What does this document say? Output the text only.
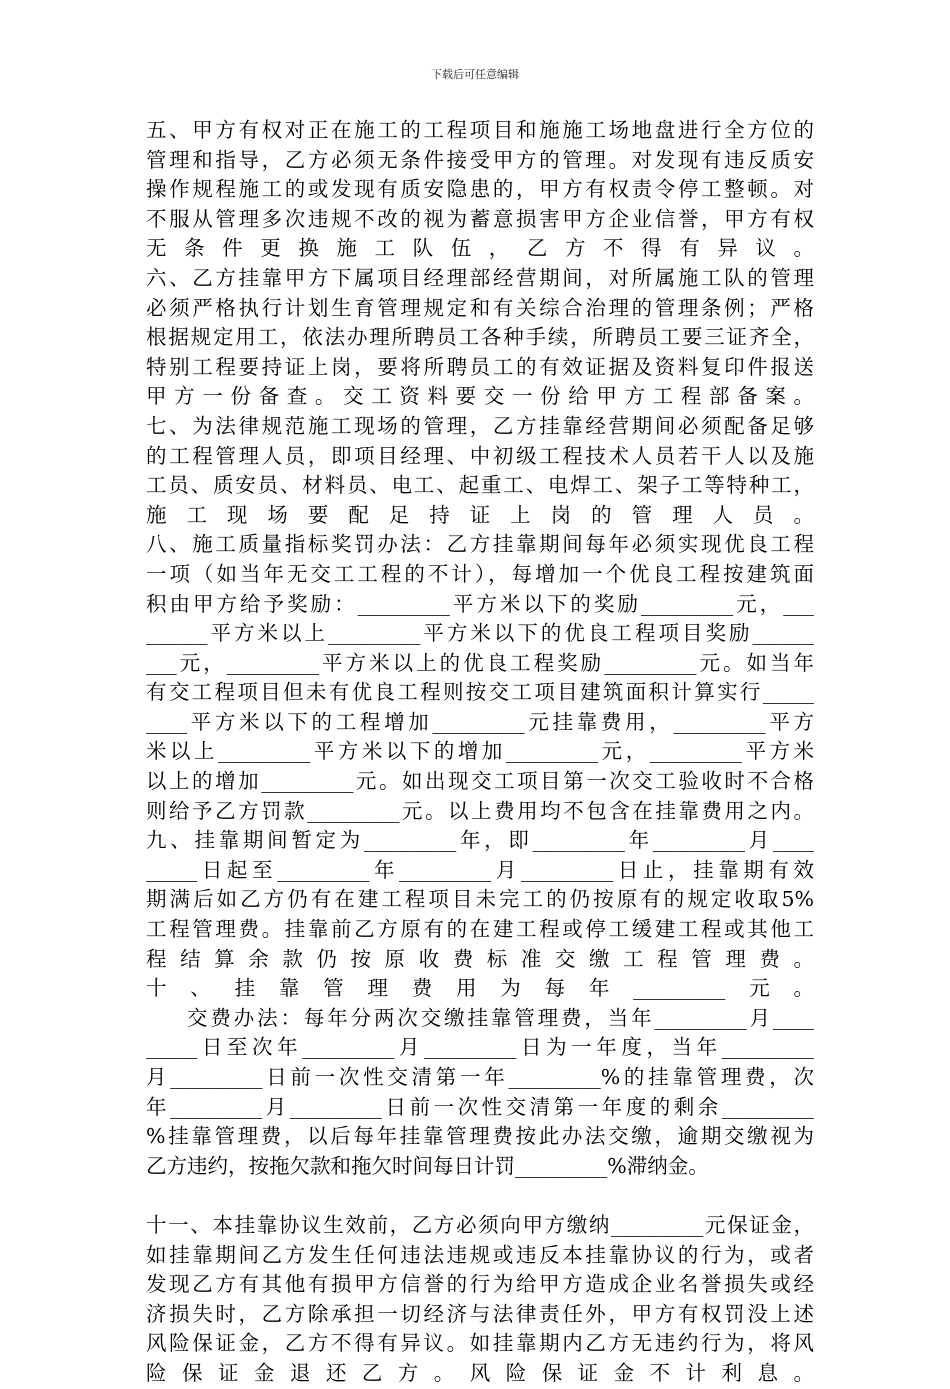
下载后可任意编辑
五、甲方有权对正在施工的工程项目和施施工场地盘进行全方位的
管理和指导，乙方必须无条件接受甲方的管理。对发现有违反质安
操作规程施工的或发现有质安隐患的，甲方有权责令停工整顿。对
不服从管理多次违规不改的视为蓄意损害甲方企业信誉，甲方有权
无条件更换施工队伍，乙方不得有异议。
六、乙方挂靠甲方下属项目经理部经营期间，对所属施工队的管理
必须严格执行计划生育管理规定和有关综合治理的管理条例；严格
根据规定用工，依法办理所聘员工各种手续，所聘员工要三证齐全，
特别工程要持证上岗，要将所聘员工的有效证据及资料复印件报送
甲方一份备查。交工资料要交一份给甲方工程部备案。
七、为法律规范施工现场的管理，乙方挂靠经营期间必须配备足够
的工程管理人员，即项目经理、中初级工程技术人员若干人以及施
工员、质安员、材料员、电工、起重工、电焊工、架子工等特种工，
施工现场要配足持证上岗的管理人员。
八、施工质量指标奖罚办法：乙方挂靠期间每年必须实现优良工程
一项（如当年无交工工程的不计），每增加一个优良工程按建筑面
积由甲方给予奖励：_________平方米以下的奖励_________元，___
______平方米以上_________平方米以下的优良工程项目奖励______
___元，_________平方米以上的优良工程奖励_________元。如当年
有交工程项目但未有优良工程则按交工项目建筑面积计算实行_____
____平方米以下的工程增加_________元挂靠费用，_________平方
米以上_________平方米以下的增加_________元，_________平方米
以上的增加_________元。如出现交工项目第一次交工验收时不合格
则给予乙方罚款_________元。以上费用均不包含在挂靠费用之内。
九、挂靠期间暂定为_________年，即_________年_________月____
_____日起至_________年_________月_________日止，挂靠期有效
期满后如乙方仍有在建工程项目未完工的仍按原有的规定收取5%
工程管理费。挂靠前乙方原有的在建工程或停工缓建工程或其他工
程结算余款仍按原收费标准交缴工程管理费。
十、挂靠管理费用为每年_________元。
交费办法：每年分两次交缴挂靠管理费，当年_________月____
_____日至次年_________月_________日为一年度，当年_________
月_________日前一次性交清第一年_________%的挂靠管理费，次
年_________月_________日前一次性交清第一年度的剩余_________
%挂靠管理费，以后每年挂靠管理费按此办法交缴，逾期交缴视为
乙方违约，按拖欠款和拖欠时间每日计罚_________%滞纳金。
十一、本挂靠协议生效前，乙方必须向甲方缴纳_________元保证金，
如挂靠期间乙方发生任何违法违规或违反本挂靠协议的行为，或者
发现乙方有其他有损甲方信誉的行为给甲方造成企业名誉损失或经
济损失时，乙方除承担一切经济与法律责任外，甲方有权罚没上述
风险保证金，乙方不得有异议。如挂靠期内乙方无违约行为，将风
险保证金退还乙方。风险保证金不计利息。
